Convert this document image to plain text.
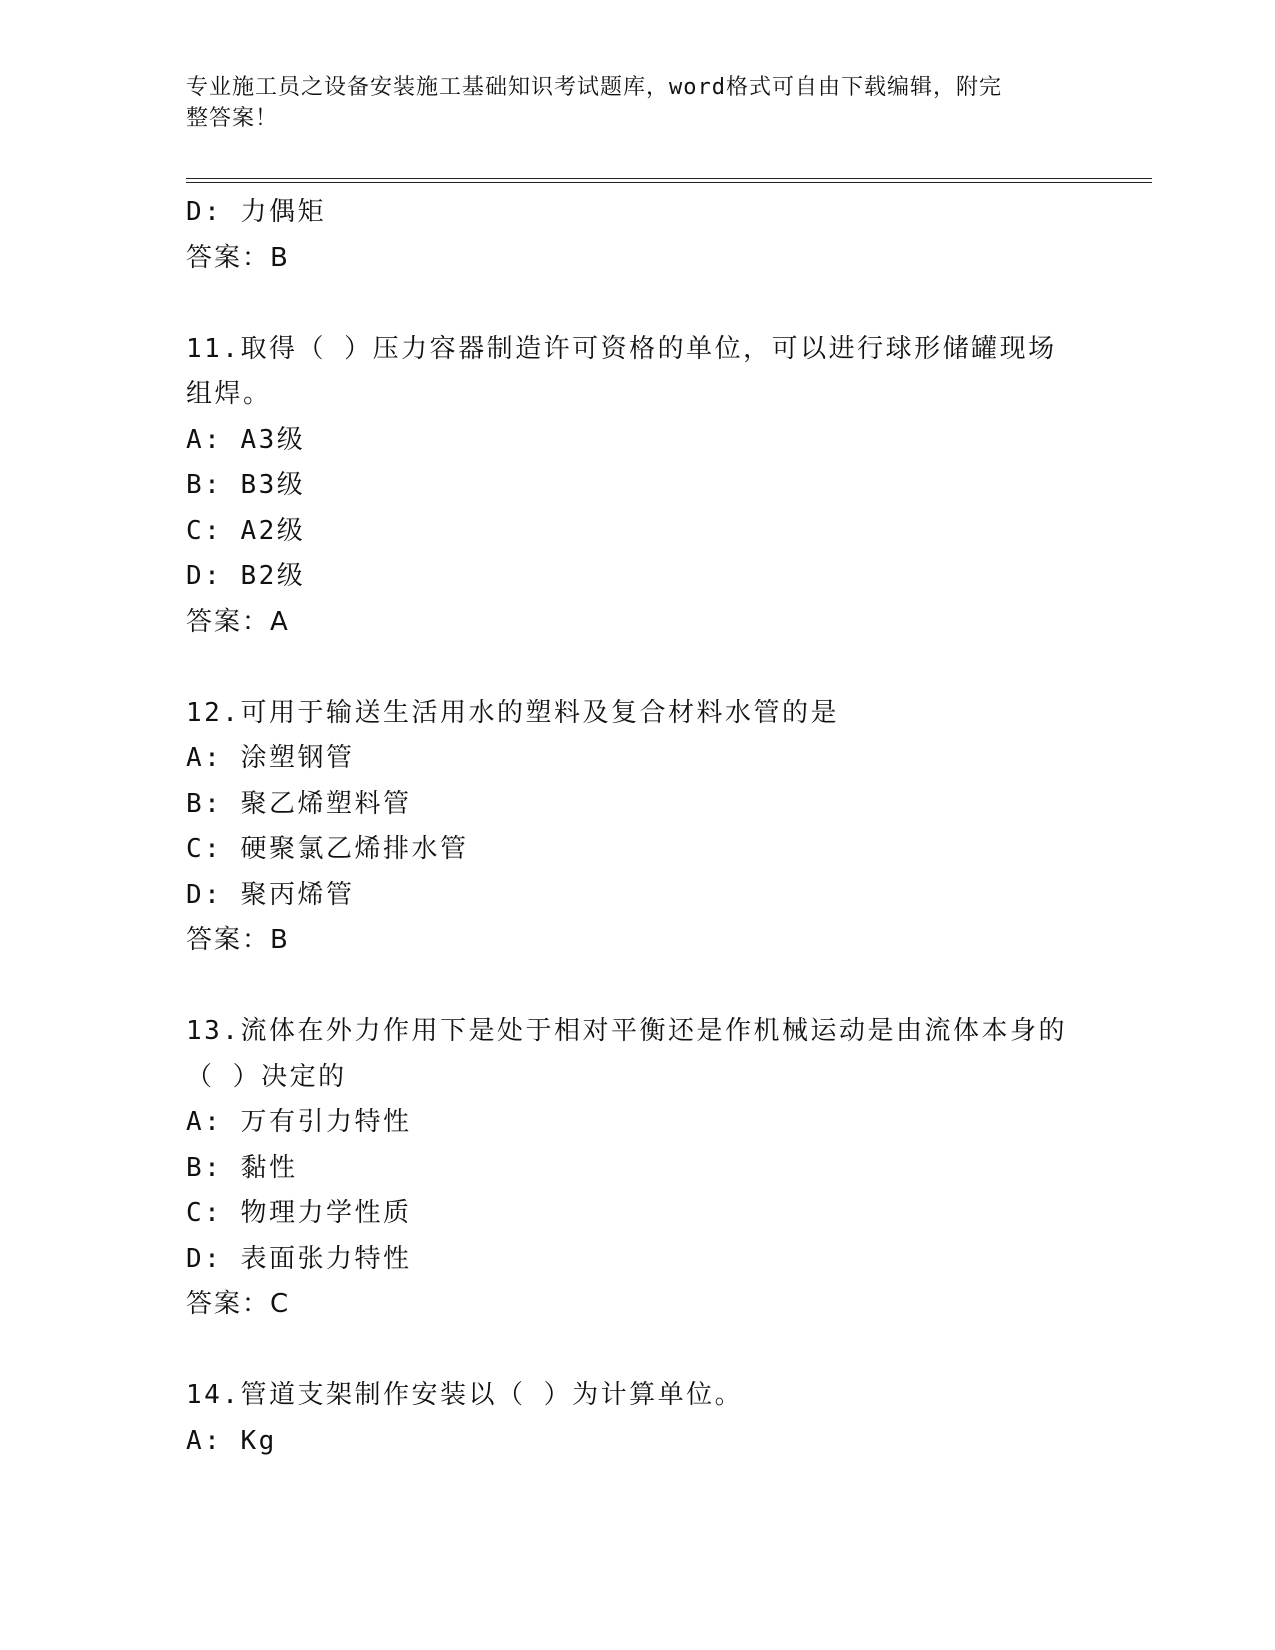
专业施工员之设备安装施工基础知识考试题库，word格式可自由下载编辑，附完
整答案！
D: 力偶矩
答案：B
11.取得（ ）压力容器制造许可资格的单位，可以进行球形储罐现场
组焊。
A: A3级
B: B3级
C: A2级
D: B2级
答案：A
12.可用于输送生活用水的塑料及复合材料水管的是
A: 涂塑钢管
B: 聚乙烯塑料管
C: 硬聚氯乙烯排水管
D: 聚丙烯管
答案：B
13.流体在外力作用下是处于相对平衡还是作机械运动是由流体本身的
（ ）决定的
A: 万有引力特性
B: 黏性
C: 物理力学性质
D: 表面张力特性
答案：C
14.管道支架制作安装以（ ）为计算单位。
A: Kg
